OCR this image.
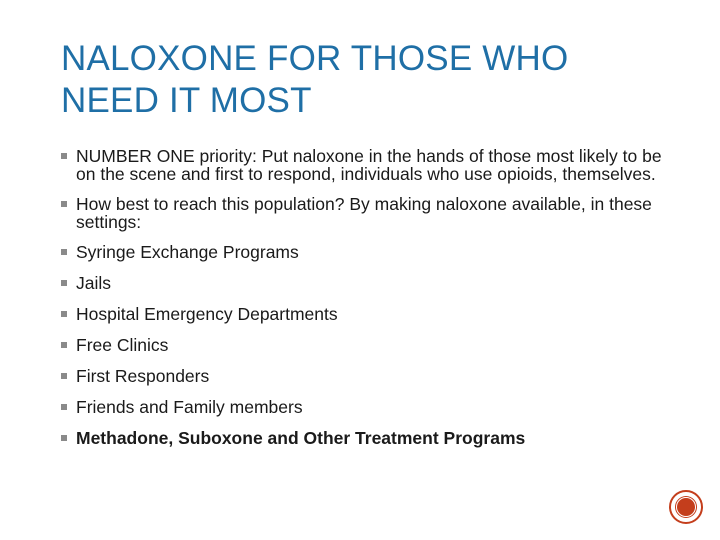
NALOXONE FOR THOSE WHO
NEED IT MOST
NUMBER ONE priority: Put naloxone in the hands of those most likely to be on the scene and first to respond, individuals who use opioids, themselves.
How best to reach this population? By making naloxone available, in these settings:
Syringe Exchange Programs
Jails
Hospital Emergency Departments
Free Clinics
First Responders
Friends and Family members
Methadone, Suboxone and Other Treatment Programs
